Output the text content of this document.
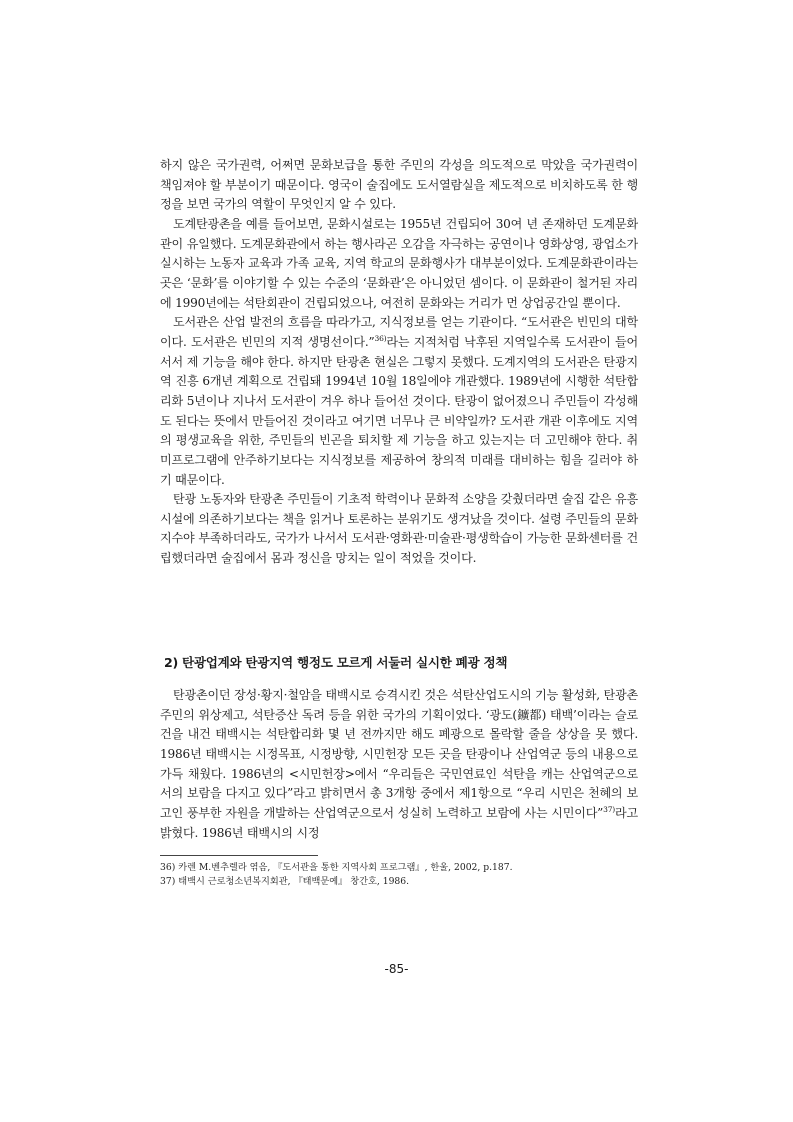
하지 않은 국가권력, 어쩌면 문화보급을 통한 주민의 각성을 의도적으로 막았을 국가권력이 책임져야 할 부분이기 때문이다. 영국이 술집에도 도서열람실을 제도적으로 비치하도록 한 행정을 보면 국가의 역할이 무엇인지 알 수 있다.

도계탄광촌을 예를 들어보면, 문화시설로는 1955년 건립되어 30여 년 존재하던 도계문화관이 유일했다. 도계문화관에서 하는 행사라곤 오감을 자극하는 공연이나 영화상영, 광업소가 실시하는 노동자 교육과 가족 교육, 지역 학교의 문화행사가 대부분이었다. 도계문화관이라는 곳은 ‘문화’를 이야기할 수 있는 수준의 ‘문화관’은 아니었던 셈이다. 이 문화관이 철거된 자리에 1990년에는 석탄회관이 건립되었으나, 여전히 문화와는 거리가 먼 상업공간일 뿐이다.

도서관은 산업 발전의 흐름을 따라가고, 지식정보를 얻는 기관이다. “도서관은 빈민의 대학이다. 도서관은 빈민의 지적 생명선이다.”$^{36)}$라는 지적처럼 낙후된 지역일수록 도서관이 들어서서 제 기능을 해야 한다. 하지만 탄광촌 현실은 그렇지 못했다. 도계지역의 도서관은 탄광지역 진흥 6개년 계획으로 건립돼 1994년 10월 18일에야 개관했다. 1989년에 시행한 석탄합리화 5년이나 지나서 도서관이 겨우 하나 들어선 것이다. 탄광이 없어졌으니 주민들이 각성해도 된다는 뜻에서 만들어진 것이라고 여기면 너무나 큰 비약일까? 도서관 개관 이후에도 지역의 평생교육을 위한, 주민들의 빈곤을 퇴치할 제 기능을 하고 있는지는 더 고민해야 한다. 취미프로그램에 안주하기보다는 지식정보를 제공하여 창의적 미래를 대비하는 힘을 길러야 하기 때문이다.

탄광 노동자와 탄광촌 주민들이 기초적 학력이나 문화적 소양을 갖췄더라면 술집 같은 유흥시설에 의존하기보다는 책을 읽거나 토론하는 분위기도 생겨났을 것이다. 설령 주민들의 문화지수야 부족하더라도, 국가가 나서서 도서관·영화관·미술관·평생학습이 가능한 문화센터를 건립했더라면 술집에서 몸과 정신을 망치는 일이 적었을 것이다.

2) 탄광업계와 탄광지역 행정도 모르게 서둘러 실시한 폐광 정책

탄광촌이던 장성·황지·철암을 태백시로 승격시킨 것은 석탄산업도시의 기능 활성화, 탄광촌 주민의 위상제고, 석탄증산 독려 등을 위한 국가의 기획이었다. ‘광도(鑛都) 태백’이라는 슬로건을 내건 태백시는 석탄합리화 몇 년 전까지만 해도 폐광으로 몰락할 줄을 상상을 못 했다. 1986년 태백시는 시정목표, 시정방향, 시민헌장 모든 곳을 탄광이나 산업역군 등의 내용으로 가득 채웠다. 1986년의 <시민헌장>에서 “우리들은 국민연료인 석탄을 캐는 산업역군으로서의 보람을 다지고 있다”라고 밝히면서 총 3개항 중에서 제1항으로 “우리 시민은 천혜의 보고인 풍부한 자원을 개발하는 산업역군으로서 성실히 노력하고 보람에 사는 시민이다”$^{37)}$라고 밝혔다. 1986년 태백시의 시정

36) 카렌 M.벤추렐라 엮음, 『도서관을 통한 지역사회 프로그램』, 한울, 2002, p.187.

37) 태백시 근로청소년복지회관, 『태백문예』 창간호, 1986.

-85-
